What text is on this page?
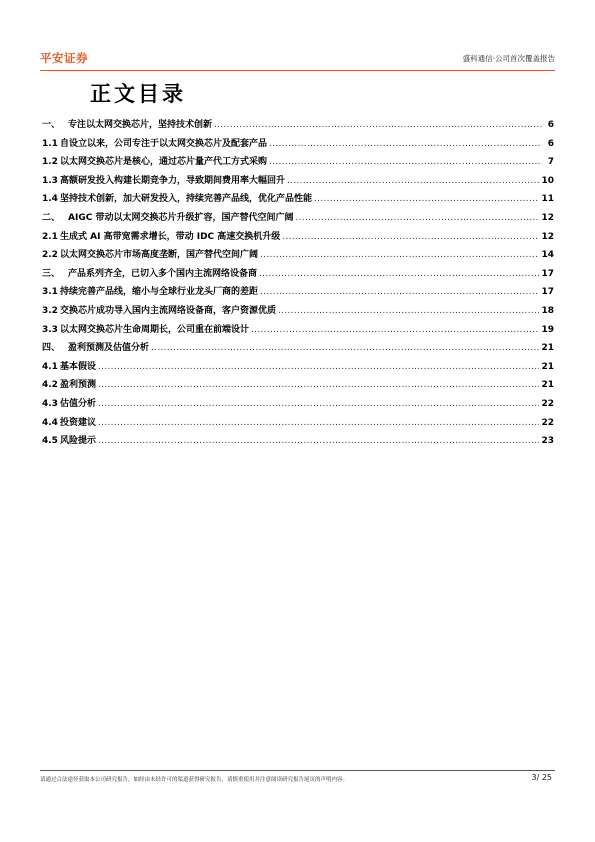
平安证券	盛科通信·公司首次覆盖报告
正文目录
一、 专注以太网交换芯片，坚持技术创新 .....	6
1.1 自设立以来，公司专注于以太网交换芯片及配套产品 .....	6
1.2 以太网交换芯片是核心，通过芯片量产代工方式采购 .....	7
1.3 高额研发投入构建长期竞争力，导致期间费用率大幅回升 .....	10
1.4 坚持技术创新，加大研发投入，持续完善产品线，优化产品性能 .....	11
二、 AIGC 带动以太网交换芯片升级扩容，国产替代空间广阔 .....	12
2.1 生成式 AI 高带宽需求增长，带动 IDC 高速交换机升级 .....	12
2.2 以太网交换芯片市场高度垄断，国产替代空间广阔 .....	14
三、 产品系列齐全，已切入多个国内主流网络设备商 .....	17
3.1 持续完善产品线，缩小与全球行业龙头厂商的差距 .....	17
3.2 交换芯片成功导入国内主流网络设备商，客户资源优质 .....	18
3.3 以太网交换芯片生命周期长，公司重在前端设计 .....	19
四、 盈利预测及估值分析 .....	21
4.1 基本假设 .....	21
4.2 盈利预测 .....	21
4.3 估值分析 .....	22
4.4 投资建议 .....	22
4.5 风险提示 .....	23
请通过合法途径获取本公司研究报告，如经由未经许可的渠道获得研究报告，请慎重使用并注意阅读研究报告尾页的声明内容。	3/ 25
